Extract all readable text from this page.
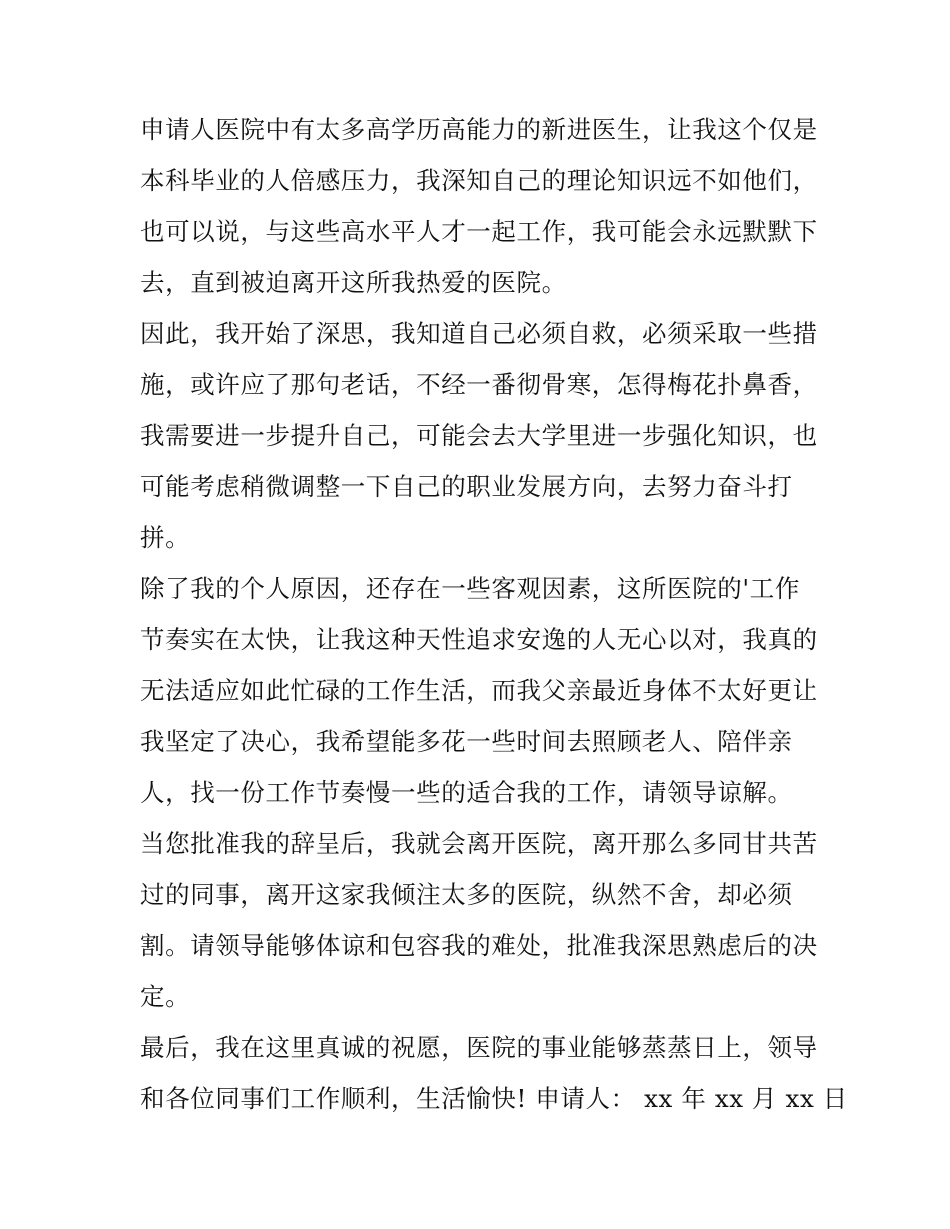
申请人医院中有太多高学历高能力的新进医生，让我这个仅是
本科毕业的人倍感压力，我深知自己的理论知识远不如他们，
也可以说，与这些高水平人才一起工作，我可能会永远默默下
去，直到被迫离开这所我热爱的医院。
因此，我开始了深思，我知道自己必须自救，必须采取一些措
施，或许应了那句老话，不经一番彻骨寒，怎得梅花扑鼻香，
我需要进一步提升自己，可能会去大学里进一步强化知识，也
可能考虑稍微调整一下自己的职业发展方向，去努力奋斗打
拼。
除了我的个人原因，还存在一些客观因素，这所医院的'工作
节奏实在太快，让我这种天性追求安逸的人无心以对，我真的
无法适应如此忙碌的工作生活，而我父亲最近身体不太好更让
我坚定了决心，我希望能多花一些时间去照顾老人、陪伴亲
人，找一份工作节奏慢一些的适合我的工作，请领导谅解。
当您批准我的辞呈后，我就会离开医院，离开那么多同甘共苦
过的同事，离开这家我倾注太多的医院，纵然不舍，却必须
割。请领导能够体谅和包容我的难处，批准我深思熟虑后的决
定。
最后，我在这里真诚的祝愿，医院的事业能够蒸蒸日上，领导
和各位同事们工作顺利，生活愉快! 申请人： xx 年 xx 月 xx 日
